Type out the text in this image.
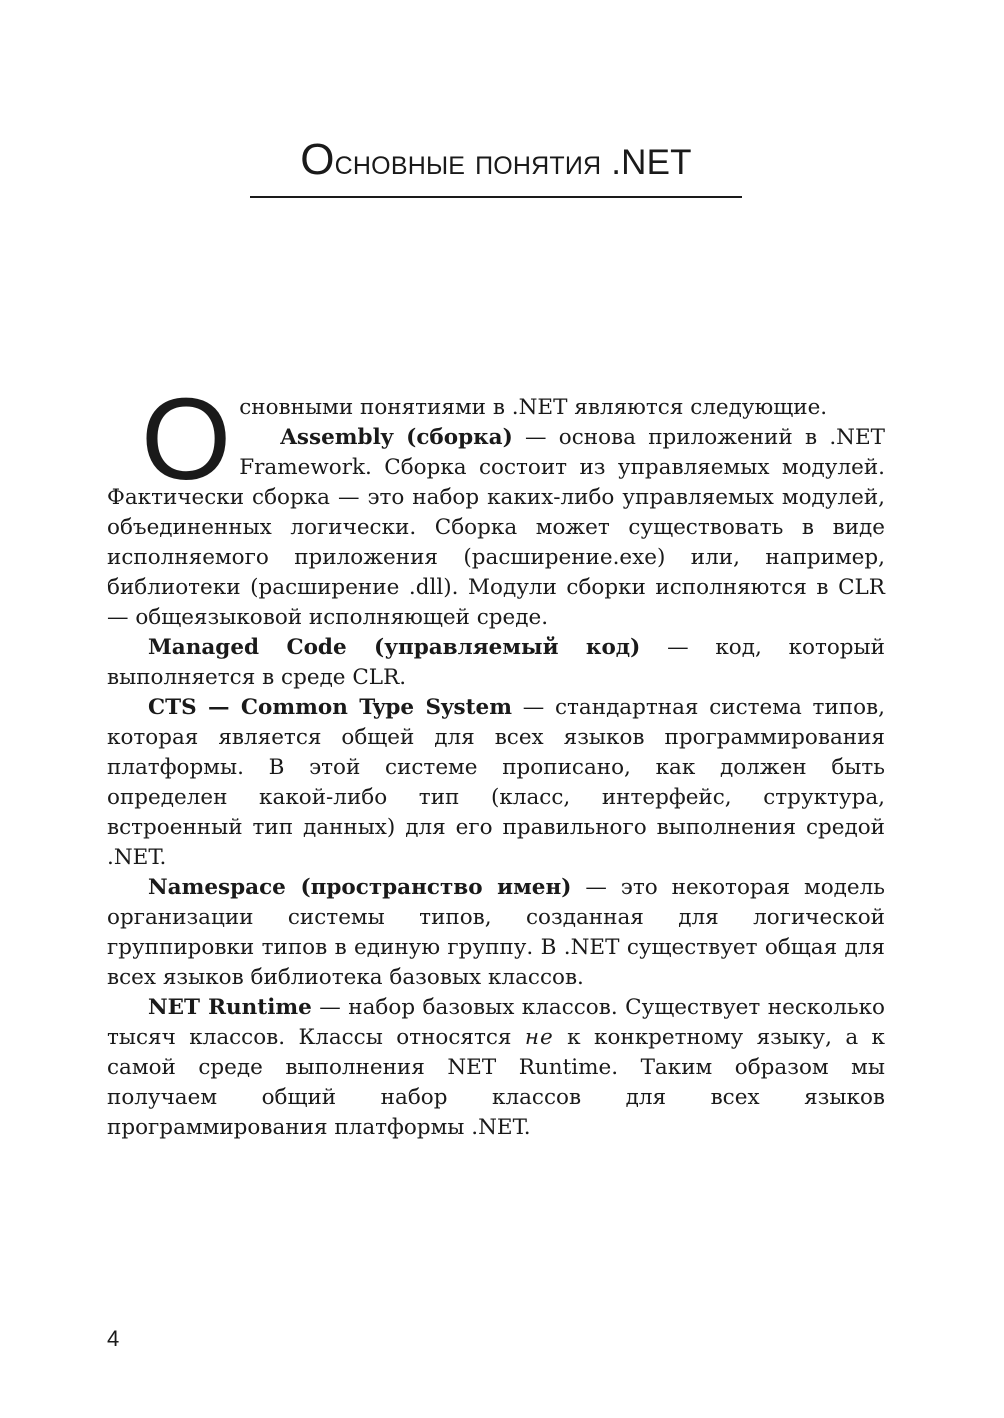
Основные понятия .NET

Основными понятиями в .NET являются следующие.

Assembly (сборка) — основа приложений в .NET Framework. Сборка состоит из управляемых модулей. Фактически сборка — это набор каких-либо управляемых модулей, объединенных логически. Сборка может существовать в виде исполняемого приложения (расширение.exe) или, например, библиотеки (расширение .dll). Модули сборки исполняются в CLR — общеязыковой исполняющей среде.

Managed Code (управляемый код) — код, который выполняется в среде CLR.

CTS — Common Type System — стандартная система типов, которая является общей для всех языков программирования платформы. В этой системе прописано, как должен быть определен какой-либо тип (класс, интерфейс, структура, встроенный тип данных) для его правильного выполнения средой .NET.

Namespace (пространство имен) — это некоторая модель организации системы типов, созданная для логической группировки типов в единую группу. В .NET существует общая для всех языков библиотека базовых классов.

NET Runtime — набор базовых классов. Существует несколько тысяч классов. Классы относятся не к конкретному языку, а к самой среде выполнения NET Runtime. Таким образом мы получаем общий набор классов для всех языков программирования платформы .NET.

4
